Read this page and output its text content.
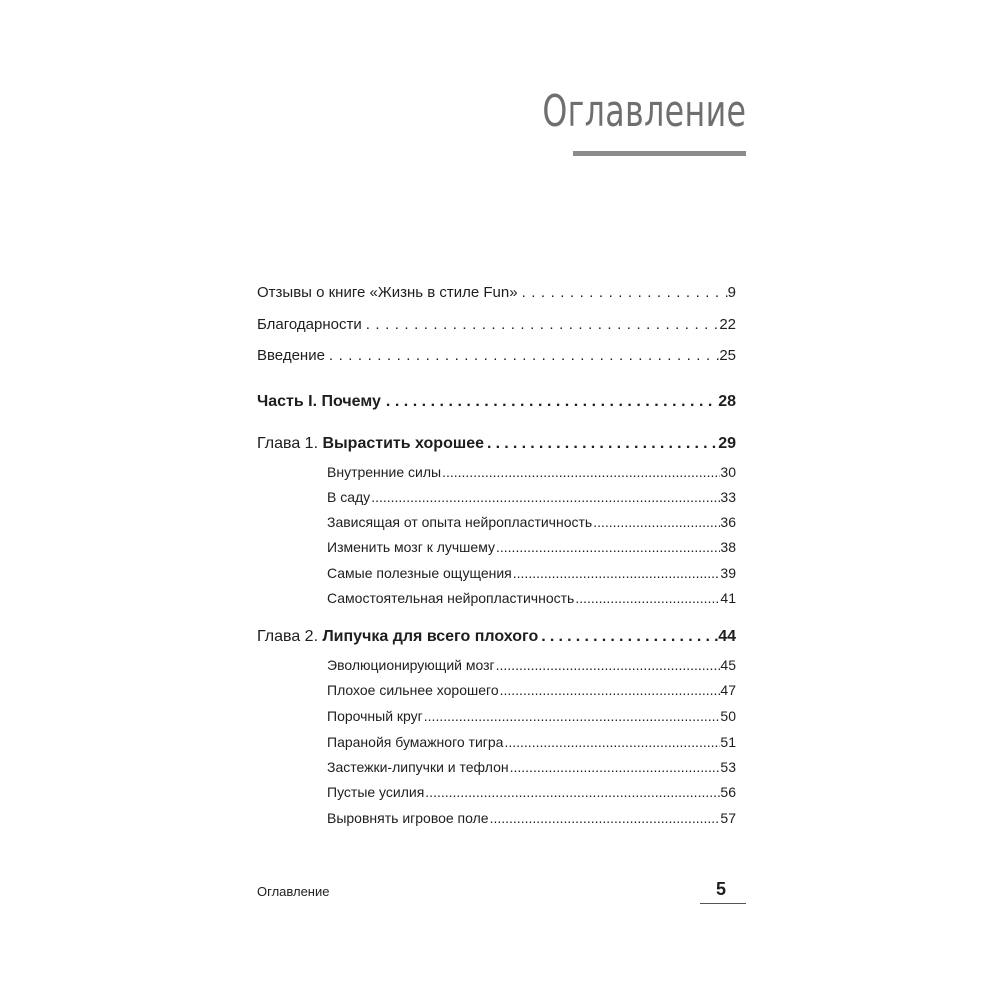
Оглавление
Отзывы о книге «Жизнь в стиле Fun» .....	9
Благодарности .....	22
Введение .....	25
Часть I. Почему .....	28
Глава 1. Вырастить хорошее .....	29
Внутренние силы .....	30
В саду .....	33
Зависящая от опыта нейропластичность .....	36
Изменить мозг к лучшему .....	38
Самые полезные ощущения .....	39
Самостоятельная нейропластичность .....	41
Глава 2. Липучка для всего плохого .....	44
Эволюционирующий мозг .....	45
Плохое сильнее хорошего .....	47
Порочный круг .....	50
Паранойя бумажного тигра .....	51
Застежки-липучки и тефлон .....	53
Пустые усилия .....	56
Выровнять игровое поле .....	57
Оглавление	5
